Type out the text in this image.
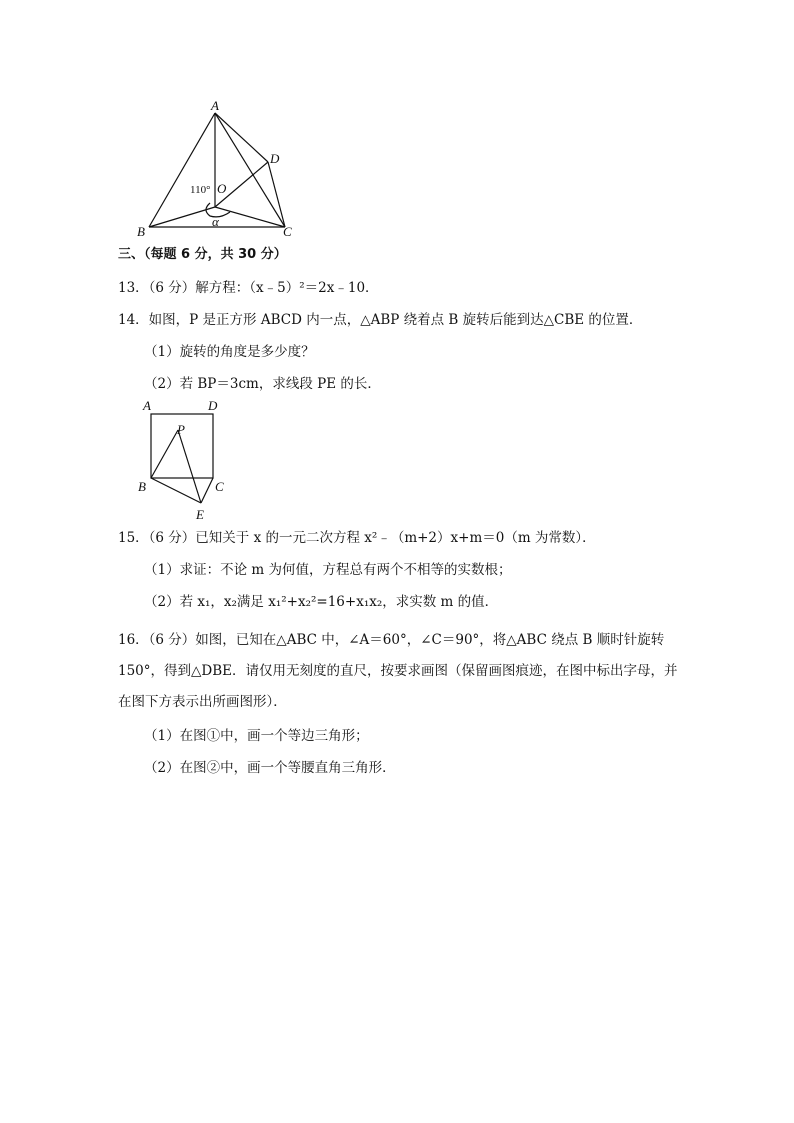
A
B	C
D
O
α
110°
三、（每题 6 分，共 30 分）
13．（6 分）解方程：（x﹣5）²＝2x﹣10．
14．如图，P 是正方形 ABCD 内一点，△ABP 绕着点 B 旋转后能到达△CBE 的位置．
（1）旋转的角度是多少度？
（2）若 BP＝3cm，求线段 PE 的长．
A	D
P
B	C
E
15．（6 分）已知关于 x 的一元二次方程 x²﹣（m+2）x+m＝0（m 为常数）．
（1）求证：不论 m 为何值，方程总有两个不相等的实数根；
（2）若 x₁，x₂满足 x₁²+x₂²=16+x₁x₂，求实数 m 的值．
16．（6 分）如图，已知在△ABC 中，∠A＝60°，∠C＝90°，将△ABC 绕点 B 顺时针旋转 150°，得到△DBE．请仅用无刻度的直尺，按要求画图（保留画图痕迹，在图中标出字母，并在图下方表示出所画图形）．
（1）在图①中，画一个等边三角形；
（2）在图②中，画一个等腰直角三角形．
